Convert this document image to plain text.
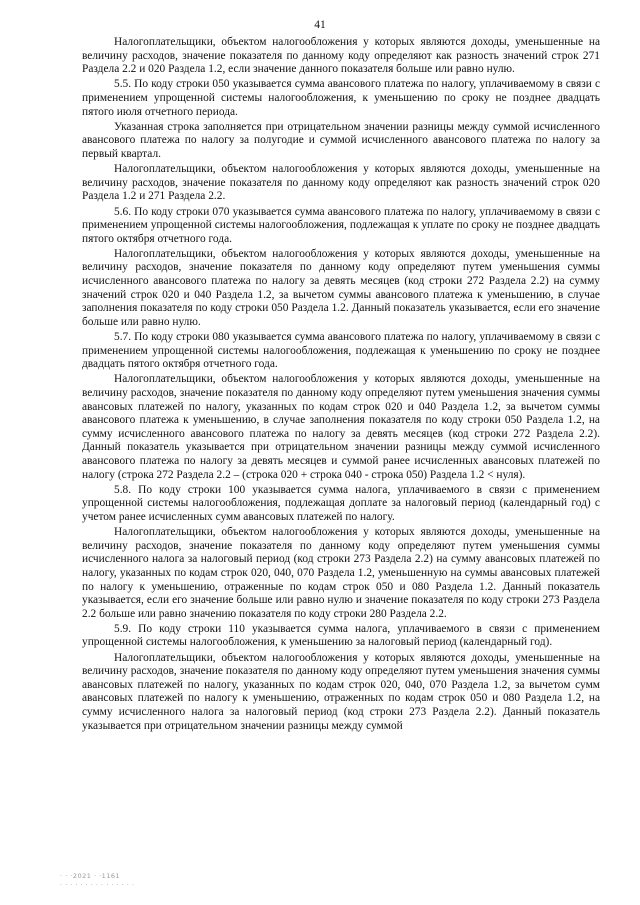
41

Налогоплательщики, объектом налогообложения у которых являются доходы, уменьшенные на величину расходов, значение показателя по данному коду определяют как разность значений строк 271 Раздела 2.2 и 020 Раздела 1.2, если значение данного показателя больше или равно нулю.

5.5. По коду строки 050 указывается сумма авансового платежа по налогу, уплачиваемому в связи с применением упрощенной системы налогообложения, к уменьшению по сроку не позднее двадцать пятого июля отчетного периода.

Указанная строка заполняется при отрицательном значении разницы между суммой исчисленного авансового платежа по налогу за полугодие и суммой исчисленного авансового платежа по налогу за первый квартал.

Налогоплательщики, объектом налогообложения у которых являются доходы, уменьшенные на величину расходов, значение показателя по данному коду определяют как разность значений строк 020 Раздела 1.2 и 271 Раздела 2.2.

5.6. По коду строки 070 указывается сумма авансового платежа по налогу, уплачиваемому в связи с применением упрощенной системы налогообложения, подлежащая к уплате по сроку не позднее двадцать пятого октября отчетного года.

Налогоплательщики, объектом налогообложения у которых являются доходы, уменьшенные на величину расходов, значение показателя по данному коду определяют путем уменьшения суммы исчисленного авансового платежа по налогу за девять месяцев (код строки 272 Раздела 2.2) на сумму значений строк 020 и 040 Раздела 1.2, за вычетом суммы авансового платежа к уменьшению, в случае заполнения показателя по коду строки 050 Раздела 1.2. Данный показатель указывается, если его значение больше или равно нулю.

5.7. По коду строки 080 указывается сумма авансового платежа по налогу, уплачиваемому в связи с применением упрощенной системы налогообложения, подлежащая к уменьшению по сроку не позднее двадцать пятого октября отчетного года.

Налогоплательщики, объектом налогообложения у которых являются доходы, уменьшенные на величину расходов, значение показателя по данному коду определяют путем уменьшения значения суммы авансовых платежей по налогу, указанных по кодам строк 020 и 040 Раздела 1.2, за вычетом суммы авансового платежа к уменьшению, в случае заполнения показателя по коду строки 050 Раздела 1.2, на сумму исчисленного авансового платежа по налогу за девять месяцев (код строки 272 Раздела 2.2). Данный показатель указывается при отрицательном значении разницы между суммой исчисленного авансового платежа по налогу за девять месяцев и суммой ранее исчисленных авансовых платежей по налогу (строка 272 Раздела 2.2 – (строка 020 + строка 040 - строка 050) Раздела 1.2 < нуля).

5.8. По коду строки 100 указывается сумма налога, уплачиваемого в связи с применением упрощенной системы налогообложения, подлежащая доплате за налоговый период (календарный год) с учетом ранее исчисленных сумм авансовых платежей по налогу.

Налогоплательщики, объектом налогообложения у которых являются доходы, уменьшенные на величину расходов, значение показателя по данному коду определяют путем уменьшения суммы исчисленного налога за налоговый период (код строки 273 Раздела 2.2) на сумму авансовых платежей по налогу, указанных по кодам строк 020, 040, 070 Раздела 1.2, уменьшенную на суммы авансовых платежей по налогу к уменьшению, отраженные по кодам строк 050 и 080 Раздела 1.2. Данный показатель указывается, если его значение больше или равно нулю и значение показателя по коду строки 273 Раздела 2.2 больше или равно значению показателя по коду строки 280 Раздела 2.2.

5.9. По коду строки 110 указывается сумма налога, уплачиваемого в связи с применением упрощенной системы налогообложения, к уменьшению за налоговый период (календарный год).

Налогоплательщики, объектом налогообложения у которых являются доходы, уменьшенные на величину расходов, значение показателя по данному коду определяют путем уменьшения значения суммы авансовых платежей по налогу, указанных по кодам строк 020, 040, 070 Раздела 1.2, за вычетом сумм авансовых платежей по налогу к уменьшению, отраженных по кодам строк 050 и 080 Раздела 1.2, на сумму исчисленного налога за налоговый период (код строки 273 Раздела 2.2). Данный показатель указывается при отрицательном значении разницы между суммой

· · ·2021 · ·1161
· · · · · · · · · · · · · · ·
